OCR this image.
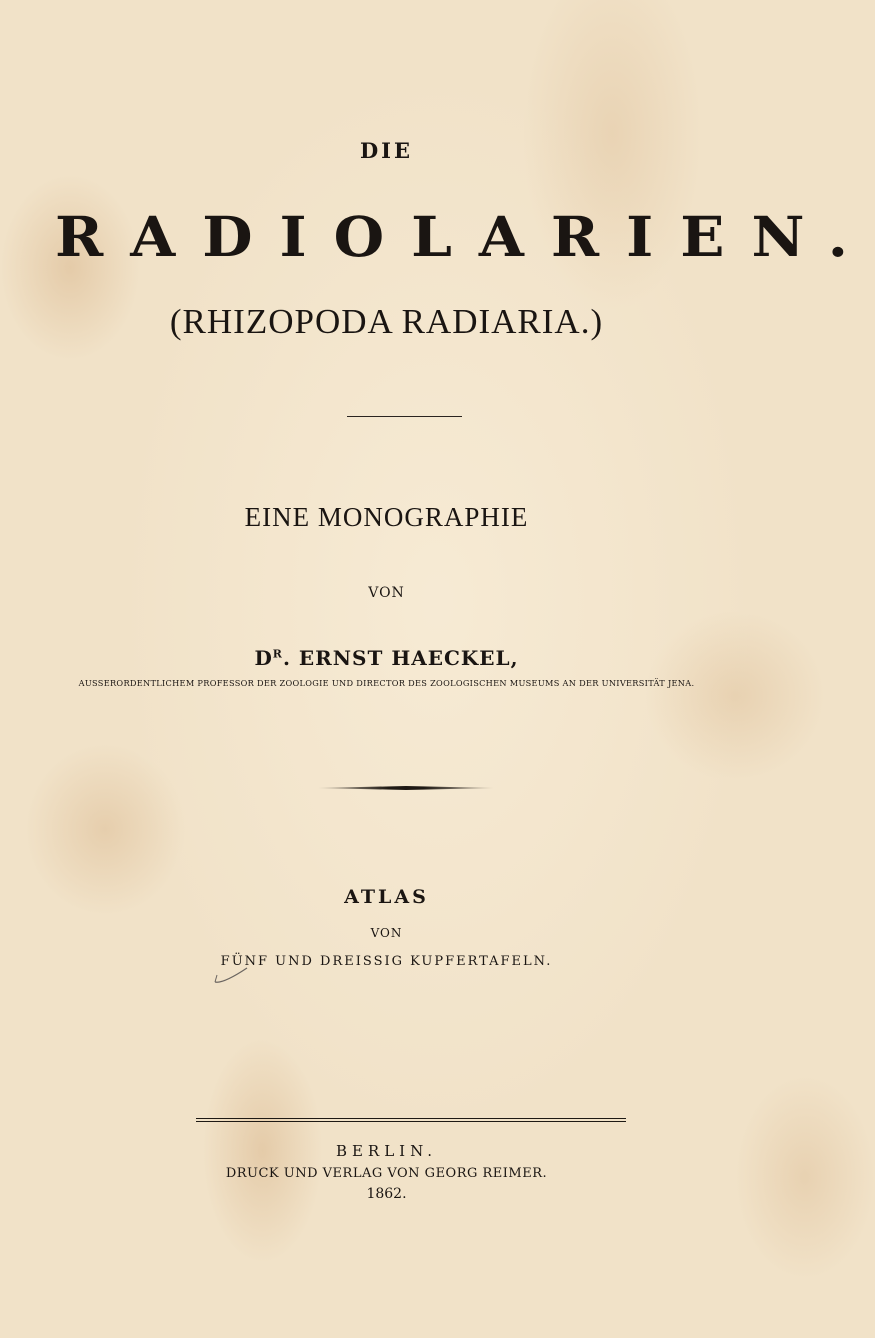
DIE
RADIOLARIEN.
(RHIZOPODA RADIARIA.)
EINE MONOGRAPHIE
VON
$D^R$. ERNST HAECKEL,
AUSSERORDENTLICHEM PROFESSOR DER ZOOLOGIE UND DIRECTOR DES ZOOLOGISCHEN MUSEUMS AN DER UNIVERSITÄT JENA.
ATLAS
VON
FÜNF UND DREISSIG KUPFERTAFELN.
BERLIN.
DRUCK UND VERLAG VON GEORG REIMER.
1862.
